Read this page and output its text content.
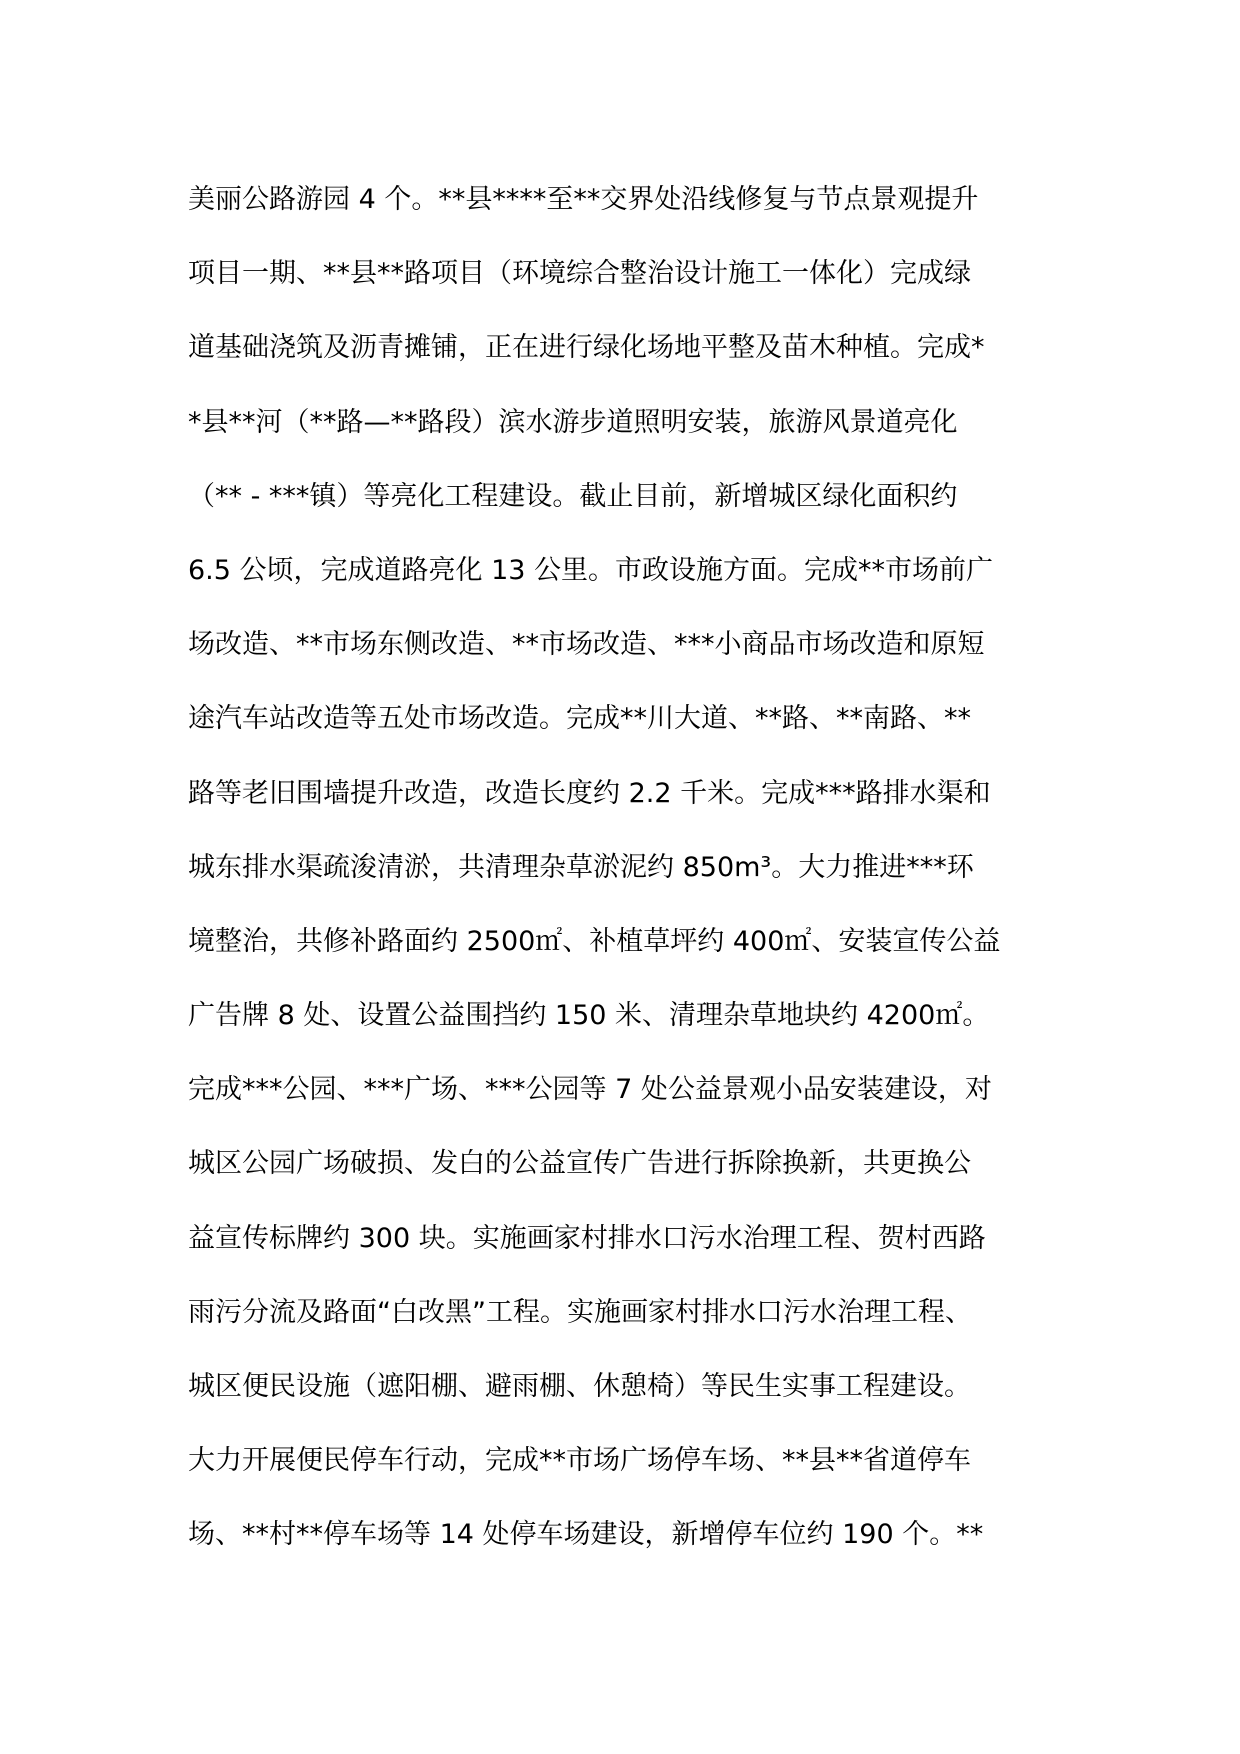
美丽公路游园 4 个。**县****至**交界处沿线修复与节点景观提升
项目一期、**县**路项目（环境综合整治设计施工一体化）完成绿
道基础浇筑及沥青摊铺，正在进行绿化场地平整及苗木种植。完成*
*县**河（**路—**路段）滨水游步道照明安装，旅游风景道亮化
（** - ***镇）等亮化工程建设。截止目前，新增城区绿化面积约
6.5 公顷，完成道路亮化 13 公里。市政设施方面。完成**市场前广
场改造、**市场东侧改造、**市场改造、***小商品市场改造和原短
途汽车站改造等五处市场改造。完成**川大道、**路、**南路、**
路等老旧围墙提升改造，改造长度约 2.2 千米。完成***路排水渠和
城东排水渠疏浚清淤，共清理杂草淤泥约 850m³。大力推进***环
境整治，共修补路面约 2500㎡、补植草坪约 400㎡、安装宣传公益
广告牌 8 处、设置公益围挡约 150 米、清理杂草地块约 4200㎡。
完成***公园、***广场、***公园等 7 处公益景观小品安装建设，对
城区公园广场破损、发白的公益宣传广告进行拆除换新，共更换公
益宣传标牌约 300 块。实施画家村排水口污水治理工程、贺村西路
雨污分流及路面“白改黑”工程。实施画家村排水口污水治理工程、
城区便民设施（遮阳棚、避雨棚、休憩椅）等民生实事工程建设。
大力开展便民停车行动，完成**市场广场停车场、**县**省道停车
场、**村**停车场等 14 处停车场建设，新增停车位约 190 个。**
